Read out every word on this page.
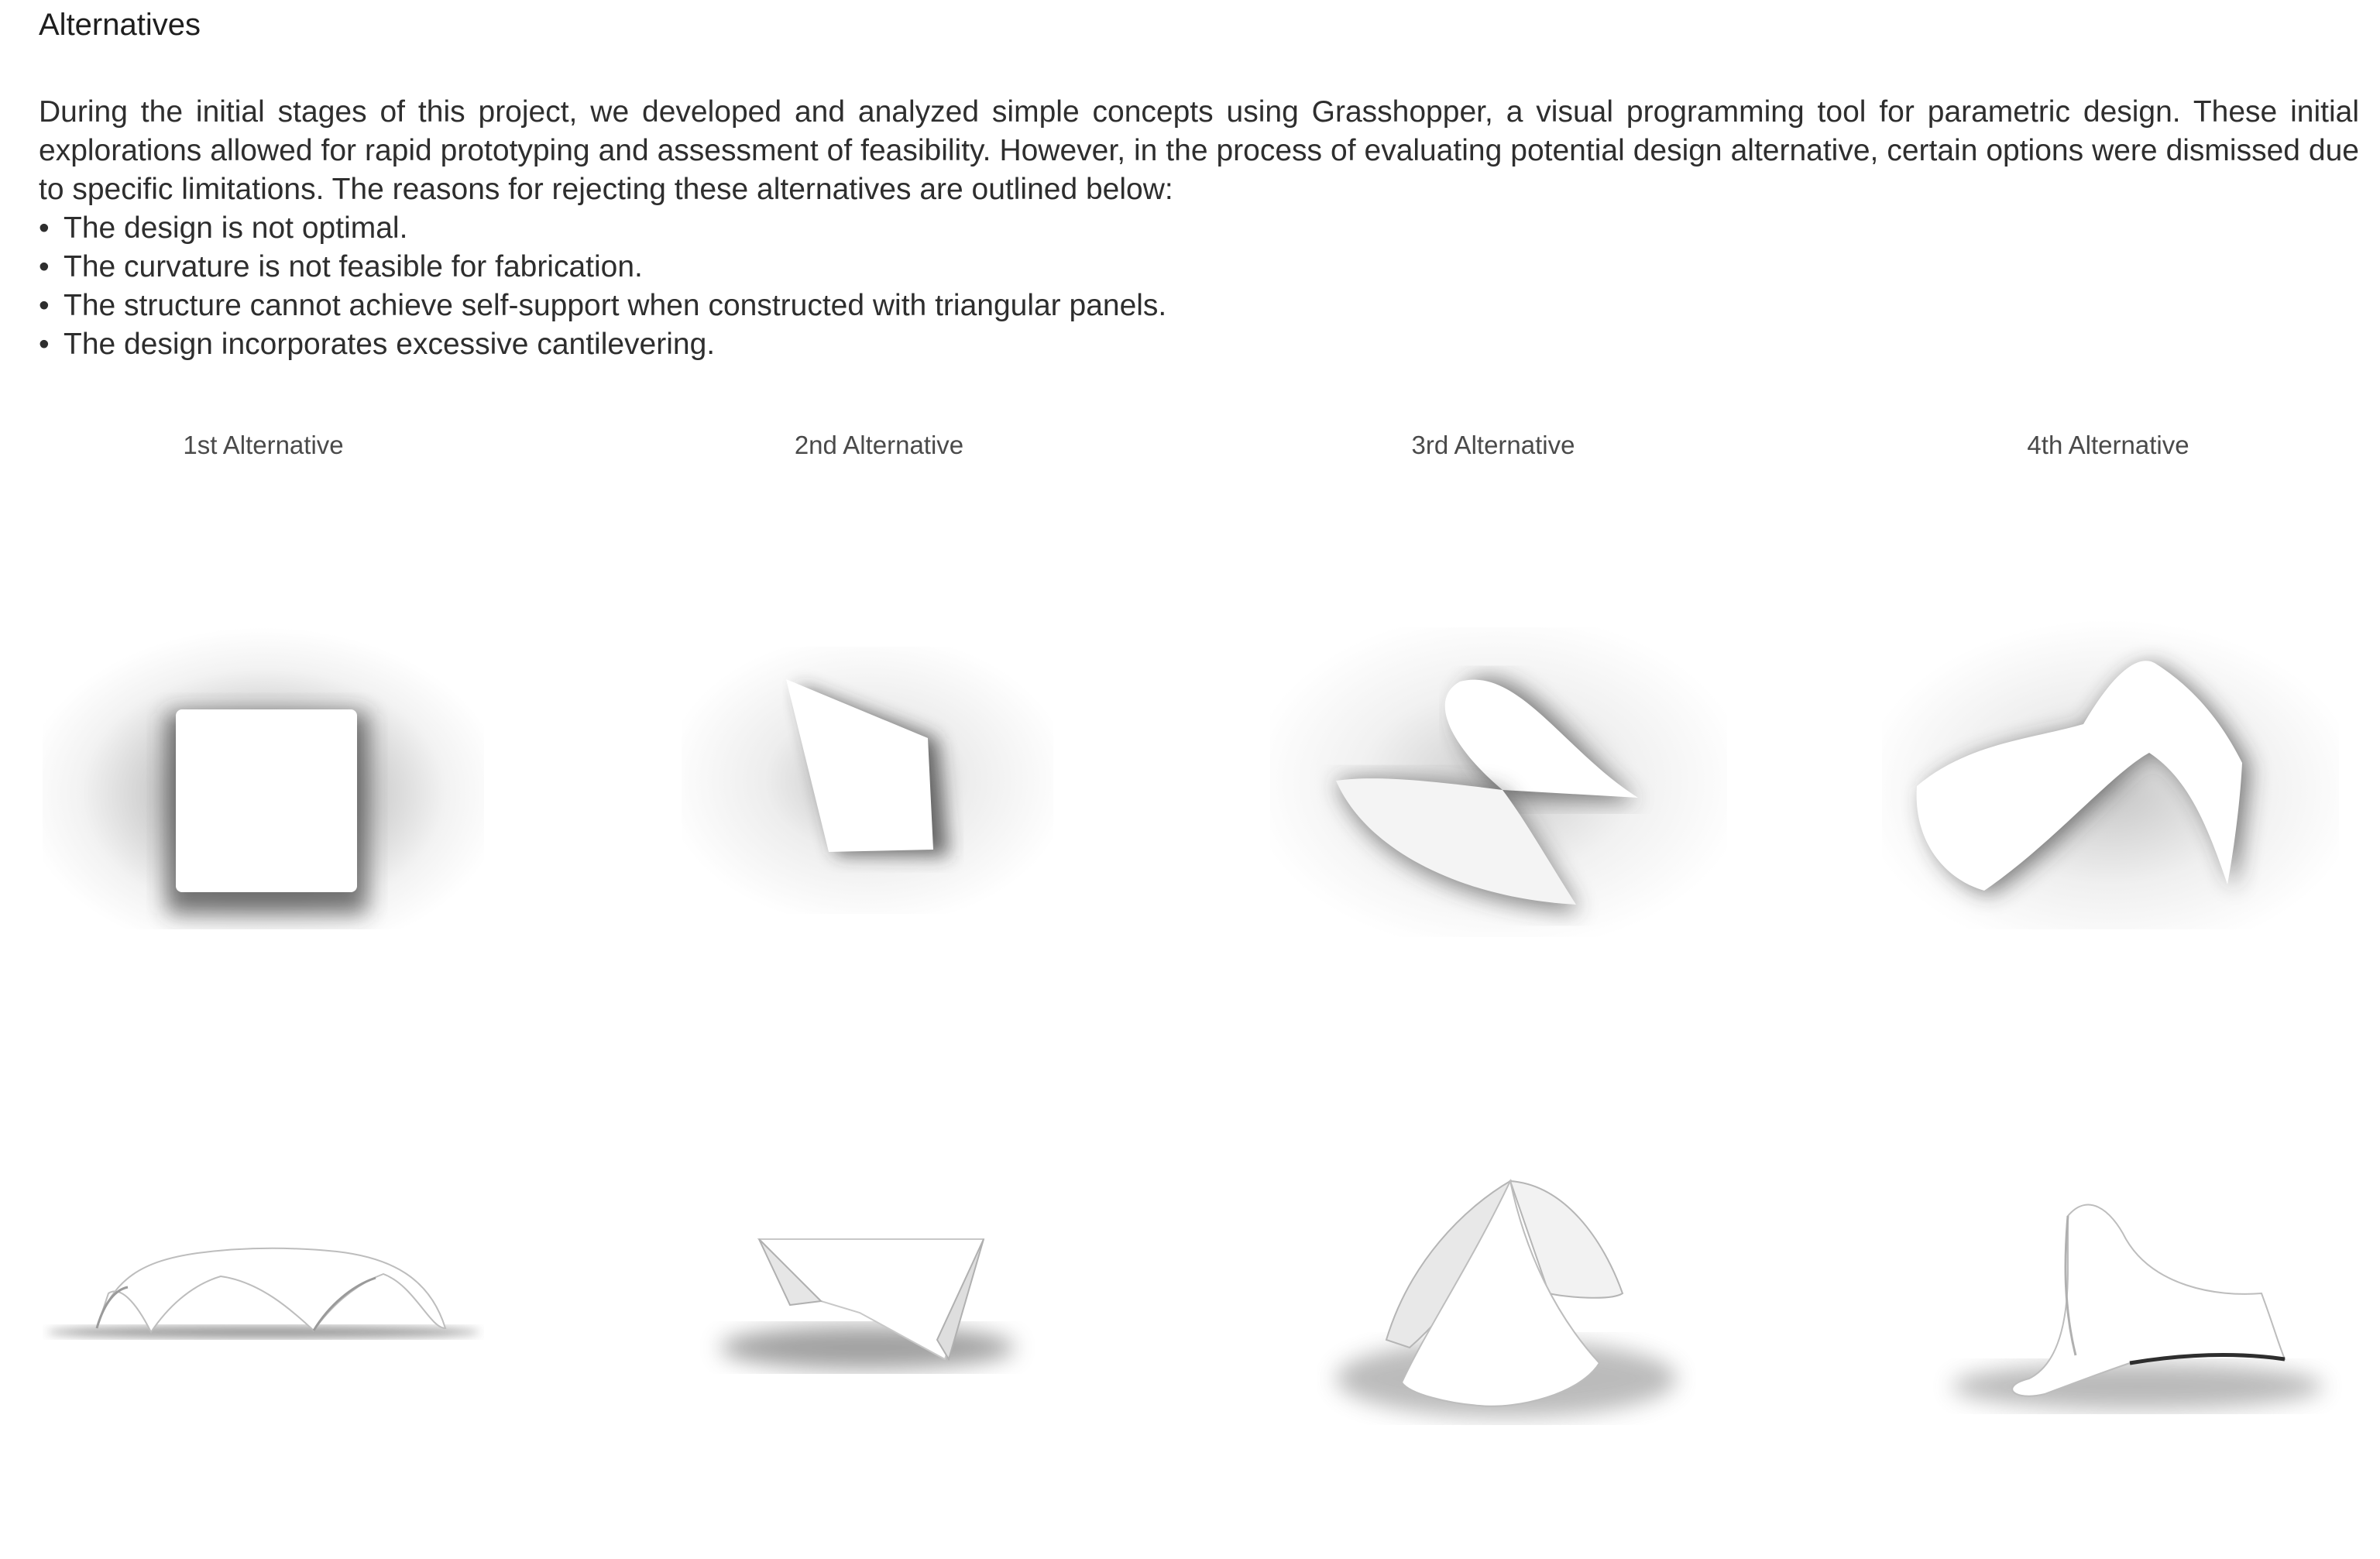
Alternatives

During the initial stages of this project, we developed and analyzed simple concepts using Grasshopper, a visual programming tool for parametric design. These initial explorations allowed for rapid prototyping and assessment of feasibility. However, in the process of evaluating potential design alternative, certain options were dismissed due to specific limitations. The reasons for rejecting these alternatives are outlined below:

• The design is not optimal.
• The curvature is not feasible for fabrication.
• The structure cannot achieve self-support when constructed with triangular panels.
• The design incorporates excessive cantilevering.
1st Alternative	2nd Alternative	3rd Alternative	4th Alternative
